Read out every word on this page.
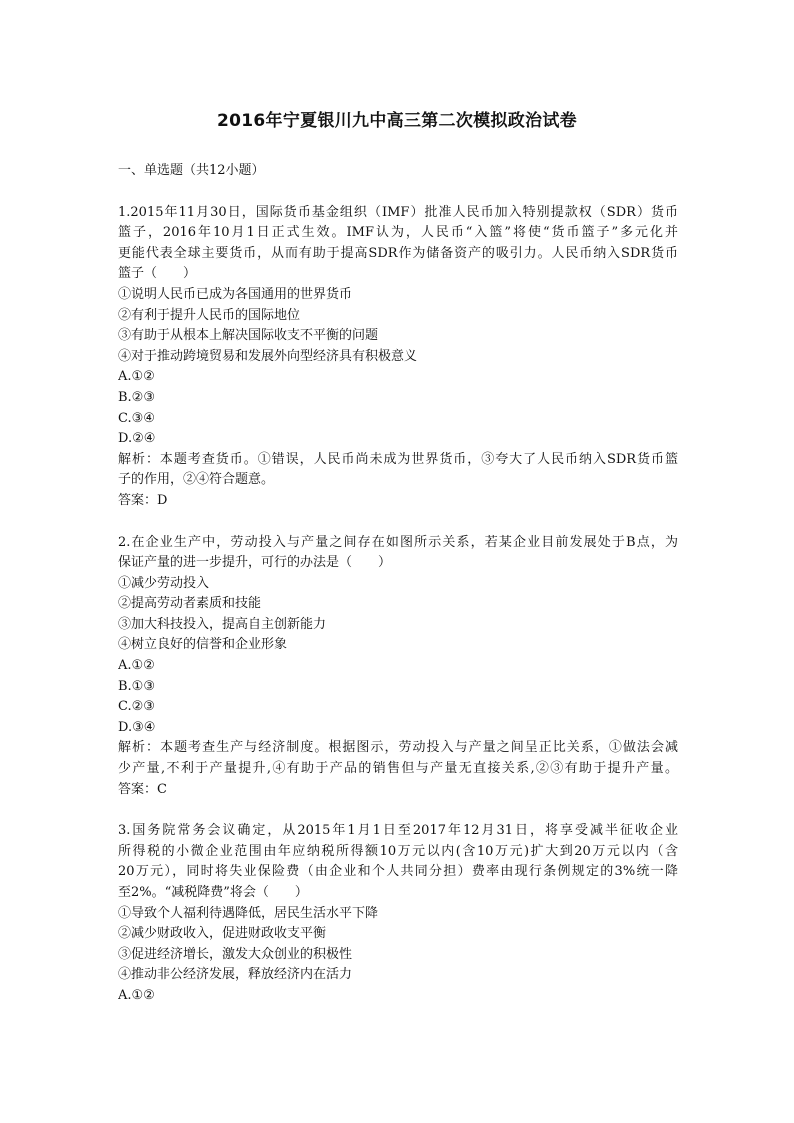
2016年宁夏银川九中高三第二次模拟政治试卷
一、单选题（共12小题）
1.2015年11月30日，国际货币基金组织（IMF）批准人民币加入特别提款权（SDR）货币
篮子，2016年10月1日正式生效。IMF认为，人民币“入篮”将使“货币篮子”多元化并
更能代表全球主要货币，从而有助于提高SDR作为储备资产的吸引力。人民币纳入SDR货币
篮子（　　）
①说明人民币已成为各国通用的世界货币
②有利于提升人民币的国际地位
③有助于从根本上解决国际收支不平衡的问题
④对于推动跨境贸易和发展外向型经济具有积极意义
A.①②
B.②③
C.③④
D.②④
解析：本题考查货币。①错误，人民币尚未成为世界货币，③夸大了人民币纳入SDR货币篮
子的作用，②④符合题意。
答案：D
2.在企业生产中，劳动投入与产量之间存在如图所示关系，若某企业目前发展处于B点，为
保证产量的进一步提升，可行的办法是（　　）
①减少劳动投入
②提高劳动者素质和技能
③加大科技投入，提高自主创新能力
④树立良好的信誉和企业形象
A.①②
B.①③
C.②③
D.③④
解析：本题考查生产与经济制度。根据图示，劳动投入与产量之间呈正比关系，①做法会减
少产量,不利于产量提升,④有助于产品的销售但与产量无直接关系,②③有助于提升产量。
答案：C
3.国务院常务会议确定，从2015年1月1日至2017年12月31日，将享受减半征收企业
所得税的小微企业范围由年应纳税所得额10万元以内(含10万元)扩大到20万元以内（含
20万元），同时将失业保险费（由企业和个人共同分担）费率由现行条例规定的3%统一降
至2%。“减税降费”将会（　　）
①导致个人福利待遇降低，居民生活水平下降
②减少财政收入，促进财政收支平衡
③促进经济增长，激发大众创业的积极性
④推动非公经济发展，释放经济内在活力
A.①②
